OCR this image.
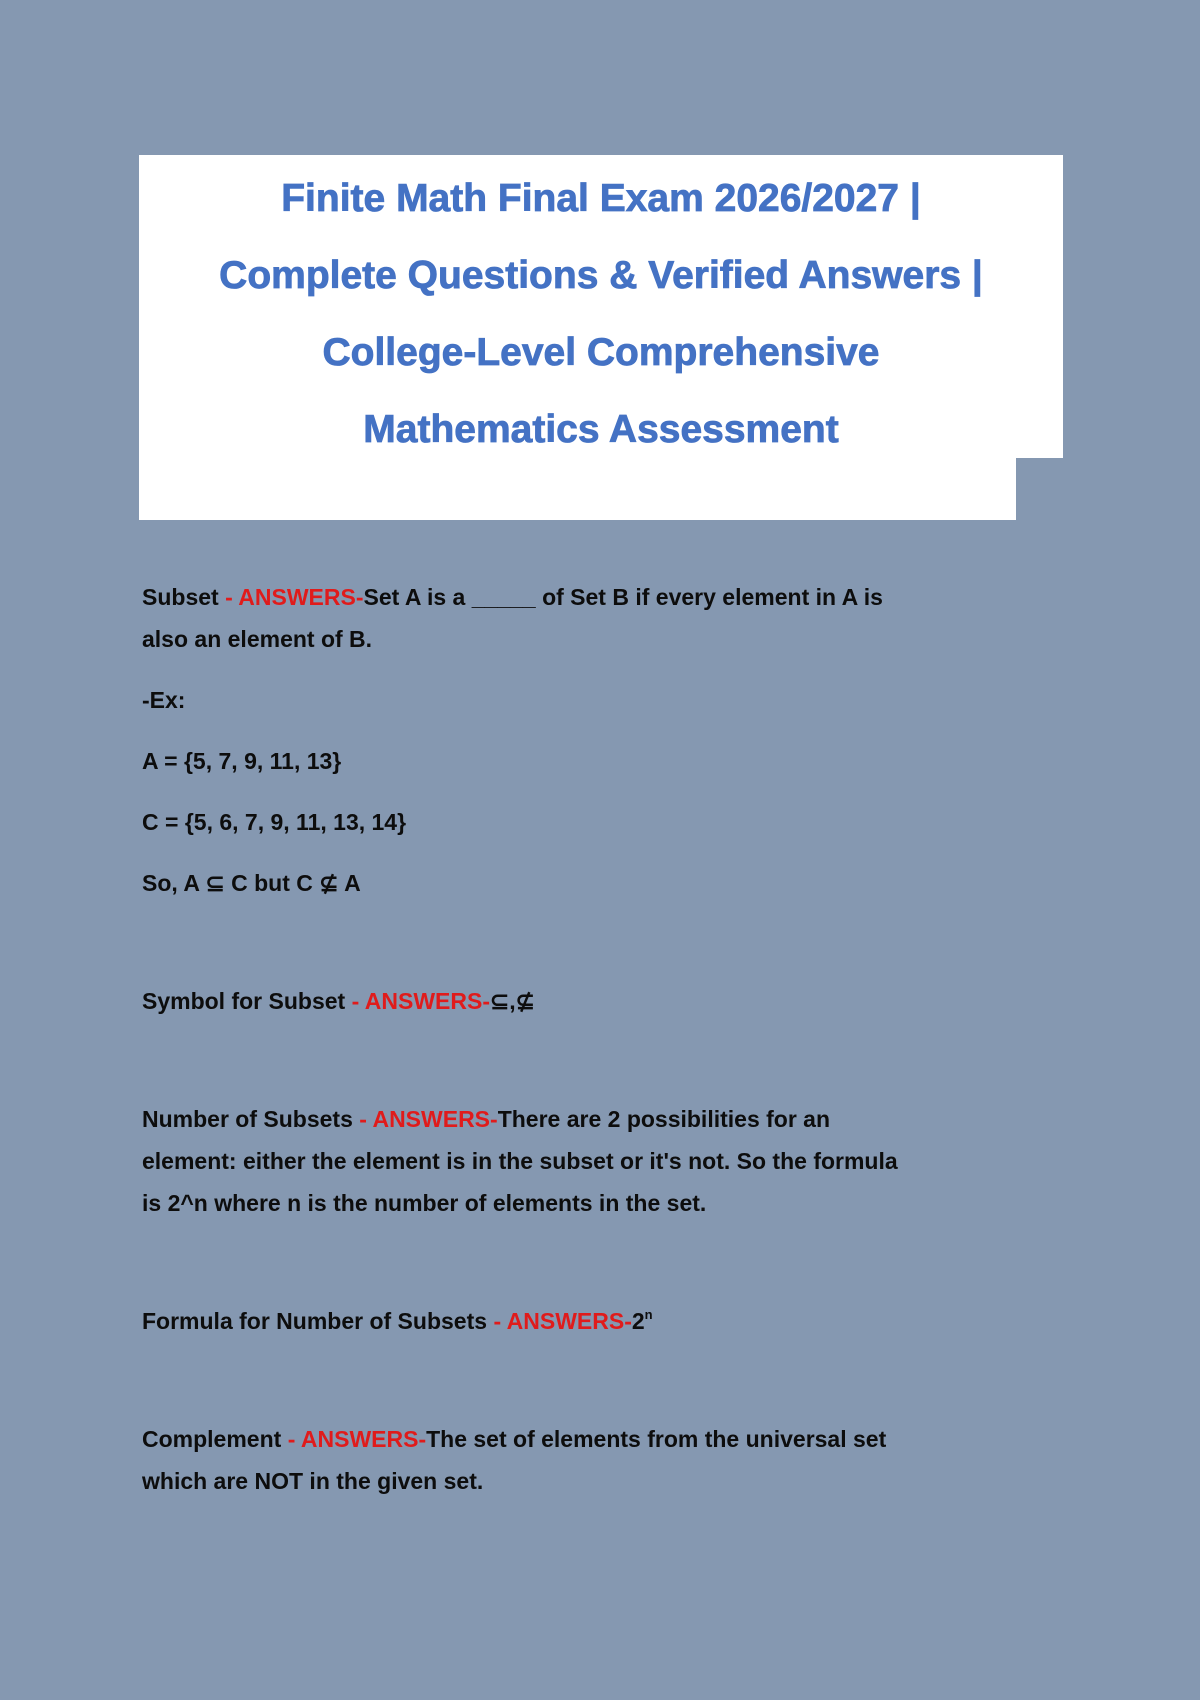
Finite Math Final Exam 2026/2027 |
Complete Questions & Verified Answers |
College-Level Comprehensive
Mathematics Assessment

Subset - ANSWERS-Set A is a _____ of Set B if every element in A is

also an element of B.

-Ex:

A = {5, 7, 9, 11, 13}

C = {5, 6, 7, 9, 11, 13, 14}

So, A ⊆ C but C ⊈ A

Symbol for Subset - ANSWERS-⊆,⊈

Number of Subsets - ANSWERS-There are 2 possibilities for an

element: either the element is in the subset or it's not. So the formula

is 2^n where n is the number of elements in the set.

Formula for Number of Subsets - ANSWERS-2$^n$

Complement - ANSWERS-The set of elements from the universal set

which are NOT in the given set.
